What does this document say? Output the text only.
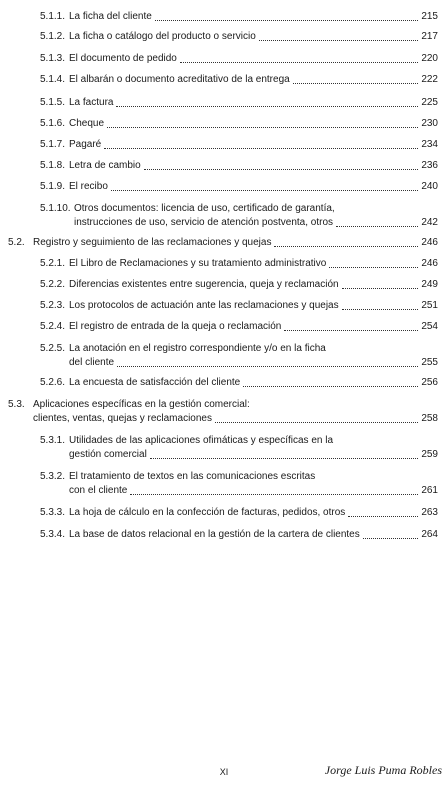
5.1.1. La ficha del cliente	215
5.1.2. La ficha o catálogo del producto o servicio	217
5.1.3. El documento de pedido	220
5.1.4. El albarán o documento acreditativo de la entrega	222
5.1.5. La factura	225
5.1.6. Cheque	230
5.1.7. Pagaré	234
5.1.8. Letra de cambio	236
5.1.9. El recibo	240
5.1.10. Otros documentos: licencia de uso, certificado de garantía,
instrucciones de uso, servicio de atención postventa, otros	242
5.2. Registro y seguimiento de las reclamaciones y quejas	246
5.2.1. El Libro de Reclamaciones y su tratamiento administrativo	246
5.2.2. Diferencias existentes entre sugerencia, queja y reclamación	249
5.2.3. Los protocolos de actuación ante las reclamaciones y quejas	251
5.2.4. El registro de entrada de la queja o reclamación	254
5.2.5. La anotación en el registro correspondiente y/o en la ficha
del cliente	255
5.2.6. La encuesta de satisfacción del cliente	256
5.3. Aplicaciones específicas en la gestión comercial:
clientes, ventas, quejas y reclamaciones	258
5.3.1. Utilidades de las aplicaciones ofimáticas y específicas en la
gestión comercial	259
5.3.2. El tratamiento de textos en las comunicaciones escritas
con el cliente	261
5.3.3. La hoja de cálculo en la confección de facturas, pedidos, otros	263
5.3.4. La base de datos relacional en la gestión de la cartera de clientes	264
XI	Jorge Luis Puma Robles
